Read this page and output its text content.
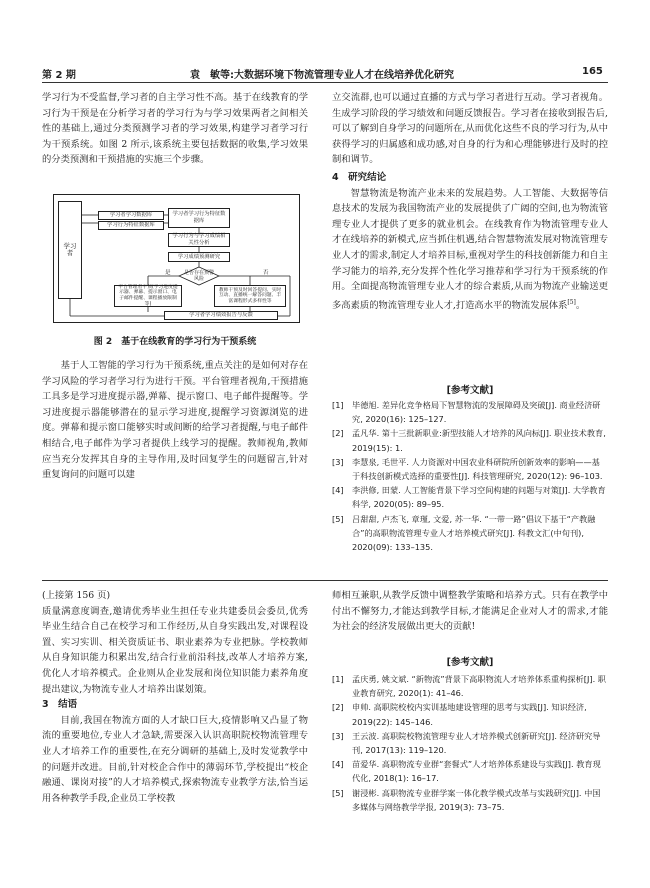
第 2 期	袁　敏等:大数据环境下物流管理专业人才在线培养优化研究	165

学习行为不受监督,学习者的自主学习性不高。基于在线教育的学习行为干预是在分析学习者的学习行为与学习效果两者之间相关性的基础上,通过分类预测学习者的学习效果,构建学习者学习行为干预系统。如图 2 所示,该系统主要包括数据的收集,学习效果的分类预测和干预措施的实施三个步骤。

学习者
学习者学习数据库
学习行为特征数据库
学习者学习行为特征数据库
学习行为与学习成绩相关性分析
学习成绩预测研究
是否存在预警风险
是	否
平台管理者干预(学习进度提示器、弹幕、提示窗口、电子邮件提醒、课程播放限制等)
教师干预及时回答提问、实时互动、直播统一解答问题、丰富课程形式多样性等
学习者学习绩效报告与反馈
图 2　基于在线教育的学习行为干预系统

基于人工智能的学习行为干预系统,重点关注的是如何对存在学习风险的学习者学习行为进行干预。平台管理者视角,干预措施工具多是学习进度提示器,弹幕、提示窗口、电子邮件提醒等。学习进度提示器能够潜在的显示学习进度,提醒学习资源浏览的进度。弹幕和提示窗口能够实时或间断的给学习者提醒,与电子邮件相结合,电子邮件为学习者提供上线学习的提醒。教师视角,教师应当充分发挥其自身的主导作用,及时回复学生的问题留言,针对重复询问的问题可以建

立交流群,也可以通过直播的方式与学习者进行互动。学习者视角。生成学习阶段的学习绩效和问题反馈报告。学习者在接收到报告后,可以了解到自身学习的问题所在,从而优化这些不良的学习行为,从中获得学习的归属感和成功感,对自身的行为和心理能够进行及时的控制和调节。

4　研究结论

智慧物流是物流产业未来的发展趋势。人工智能、大数据等信息技术的发展为我国物流产业的发展提供了广阔的空间,也为物流管理专业人才提供了更多的就业机会。在线教育作为物流管理专业人才在线培养的新模式,应当抓住机遇,结合智慧物流发展对物流管理专业人才的需求,制定人才培养目标,重视对学生的科技创新能力和自主学习能力的培养,充分发挥个性化学习推荐和学习行为干预系统的作用。全面提高物流管理专业人才的综合素质,从而为物流产业输送更多高素质的物流管理专业人才,打造高水平的物流发展体系[5]。

[参考文献]
[1] 毕德旭. 差异化竞争格局下智慧物流的发展障碍及突破[J]. 商业经济研究, 2020(16): 125–127.
[2] 孟凡华. 第十三批新职业:新型技能人才培养的风向标[J]. 职业技术教育, 2019(15): 1.
[3] 李慧泉, 毛世平. 人力资源对中国农业科研院所创新效率的影响——基于科技创新模式选择的重要性[J]. 科技管理研究, 2020(12): 96–103.
[4] 李洪修, 田蒙. 人工智能背景下学习空间构建的问题与对策[J]. 大学教育科学, 2020(05): 89–95.
[5] 吕甜甜, 卢杰飞, 章瑾, 文爱, 苏一华. “一带一路”倡议下基于“产教融合”的高职物流管理专业人才培养模式研究[J]. 科教文汇(中旬刊), 2020(09): 133–135.

(上接第 156 页)

质量满意度调查,邀请优秀毕业生担任专业共建委员会委员,优秀毕业生结合自己在校学习和工作经历,从自身实践出发,对课程设置、实习实训、相关资质证书、职业素养为专业把脉。学校教师从自身知识能力积累出发,结合行业前沿科技,改革人才培养方案,优化人才培养模式。企业则从企业发展和岗位知识能力素养角度提出建议,为物流专业人才培养出谋划策。

3　结语

目前,我国在物流方面的人才缺口巨大,疫情影响又凸显了物流的重要地位,专业人才急缺,需要深入认识高职院校物流管理专业人才培养工作的重要性,在充分调研的基础上,及时发觉教学中的问题并改进。目前,针对校企合作中的薄弱环节,学校提出“校企融通、课岗对接”的人才培养模式,探索物流专业教学方法,恰当运用各种教学手段,企业员工学校教

师相互兼职,从教学反馈中调整教学策略和培养方式。只有在教学中付出不懈努力,才能达到教学目标,才能满足企业对人才的需求,才能为社会的经济发展做出更大的贡献!

[参考文献]
[1] 孟庆勇, 姚文斌. “新物流”背景下高职物流人才培养体系重构探析[J]. 职业教育研究, 2020(1): 41–46.
[2] 申帅. 高职院校校内实训基地建设管理的思考与实践[J]. 知识经济, 2019(22): 145–146.
[3] 王云波. 高职院校物流管理专业人才培养模式创新研究[J]. 经济研究导刊, 2017(13): 119–120.
[4] 苗爱华. 高职物流专业群“套餐式”人才培养体系建设与实践[J]. 教育现代化, 2018(1): 16–17.
[5] 谢浸彬. 高职物流专业群学案一体化教学模式改革与实践研究[J]. 中国多媒体与网络教学学报, 2019(3): 73–75.
